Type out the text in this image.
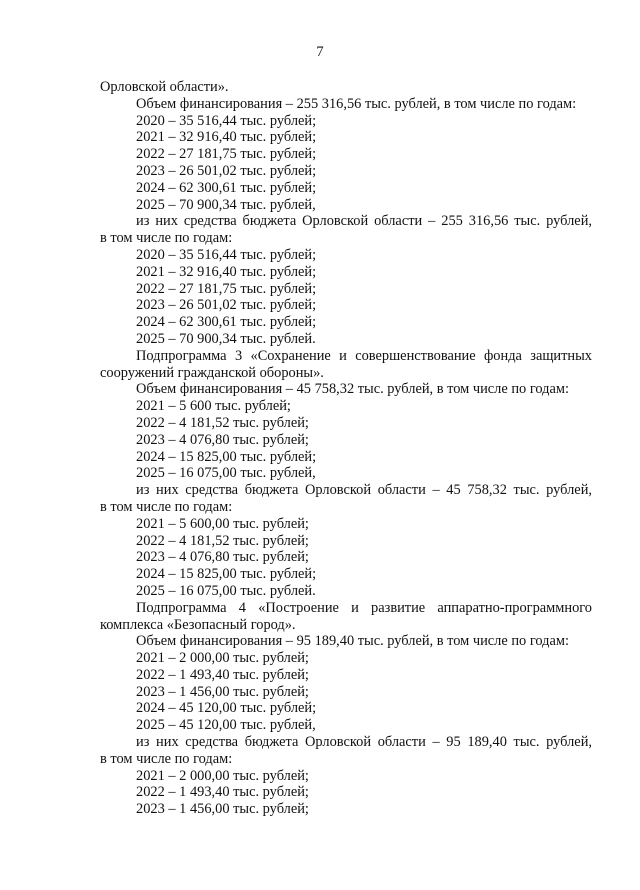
7
Орловской области».
Объем финансирования – 255 316,56 тыс. рублей, в том числе по годам:
2020 – 35 516,44 тыс. рублей;
2021 – 32 916,40 тыс. рублей;
2022 – 27 181,75 тыс. рублей;
2023 – 26 501,02 тыс. рублей;
2024 – 62 300,61 тыс. рублей;
2025 – 70 900,34 тыс. рублей,
из них средства бюджета Орловской области – 255 316,56 тыс. рублей,
в том числе по годам:
2020 – 35 516,44 тыс. рублей;
2021 – 32 916,40 тыс. рублей;
2022 – 27 181,75 тыс. рублей;
2023 – 26 501,02 тыс. рублей;
2024 – 62 300,61 тыс. рублей;
2025 – 70 900,34 тыс. рублей.
Подпрограмма 3 «Сохранение и совершенствование фонда защитных
сооружений гражданской обороны».
Объем финансирования – 45 758,32 тыс. рублей, в том числе по годам:
2021 – 5 600 тыс. рублей;
2022 – 4 181,52 тыс. рублей;
2023 – 4 076,80 тыс. рублей;
2024 – 15 825,00 тыс. рублей;
2025 – 16 075,00 тыс. рублей,
из них средства бюджета Орловской области – 45 758,32 тыс. рублей,
в том числе по годам:
2021 – 5 600,00 тыс. рублей;
2022 – 4 181,52 тыс. рублей;
2023 – 4 076,80 тыс. рублей;
2024 – 15 825,00 тыс. рублей;
2025 – 16 075,00 тыс. рублей.
Подпрограмма 4 «Построение и развитие аппаратно-программного
комплекса «Безопасный город».
Объем финансирования – 95 189,40 тыс. рублей, в том числе по годам:
2021 – 2 000,00 тыс. рублей;
2022 – 1 493,40 тыс. рублей;
2023 – 1 456,00 тыс. рублей;
2024 – 45 120,00 тыс. рублей;
2025 – 45 120,00 тыс. рублей,
из них средства бюджета Орловской области – 95 189,40 тыс. рублей,
в том числе по годам:
2021 – 2 000,00 тыс. рублей;
2022 – 1 493,40 тыс. рублей;
2023 – 1 456,00 тыс. рублей;
